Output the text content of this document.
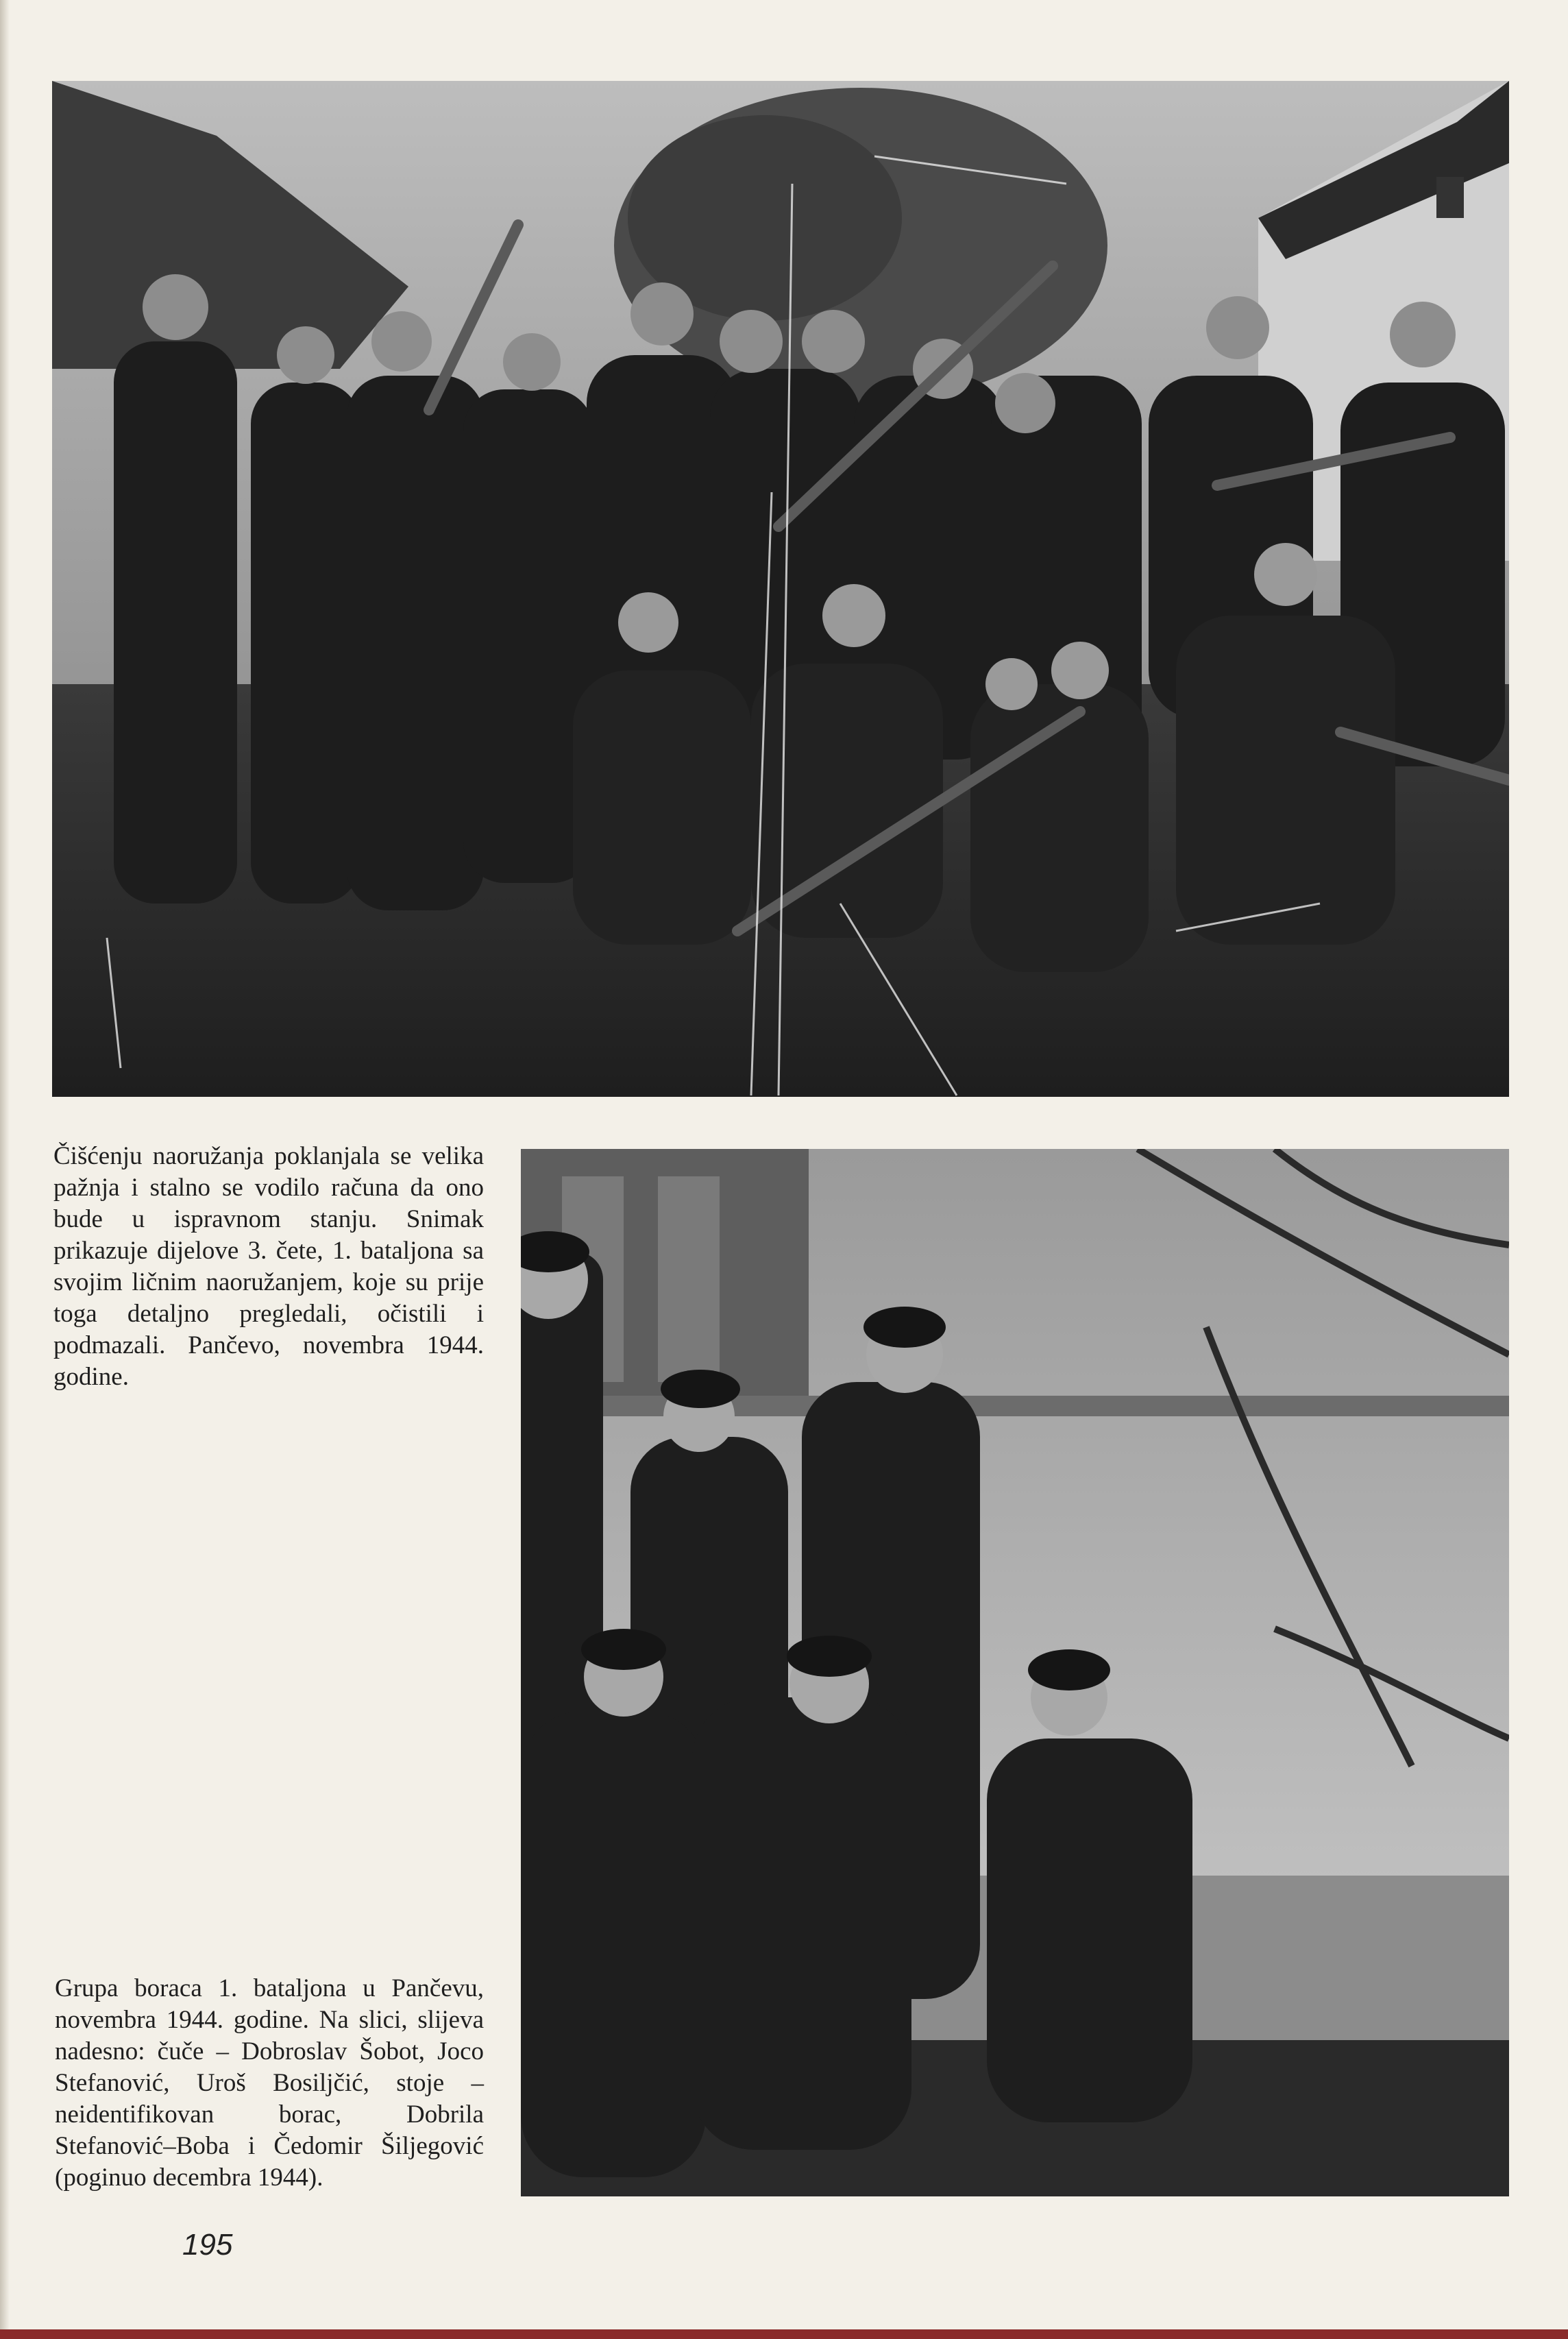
Čišćenju naoružanja poklanjala se velika pažnja i stalno se vodilo računa da ono bude u ispravnom stanju. Snimak prikazuje dijelove 3. čete, 1. bataljona sa svojim ličnim naoružanjem, koje su prije toga detaljno pregledali, očistili i podmazali. Pančevo, novembra 1944. godine.
Grupa boraca 1. bataljona u Pančevu, novembra 1944. godine. Na slici, slijeva nadesno: čuče – Dobroslav Šobot, Joco Stefanović, Uroš Bosiljčić, stoje – neidentifikovan borac, Dobrila Stefanović–Boba i Čedomir Šiljegović (poginuo decembra 1944).
195
